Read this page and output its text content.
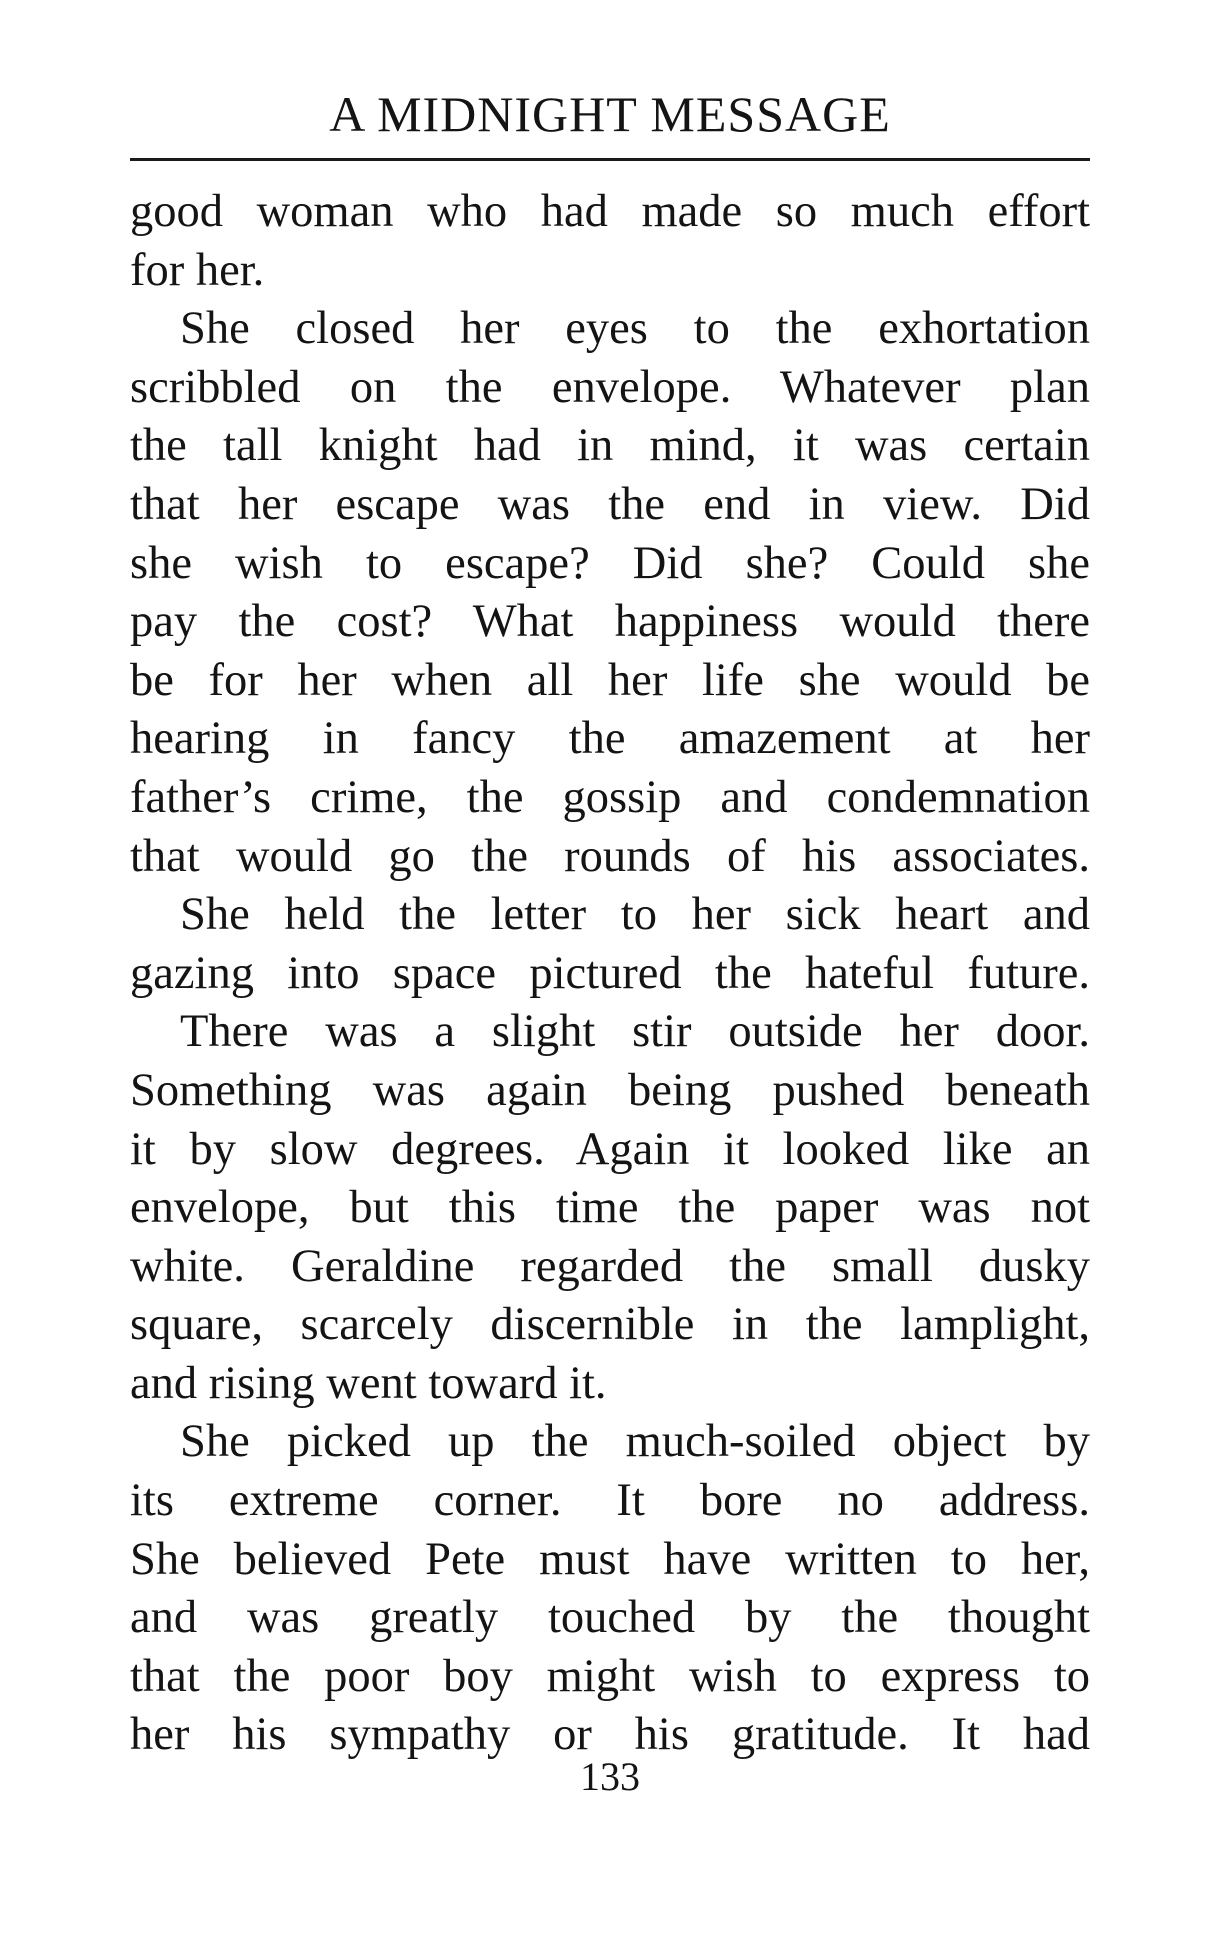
A MIDNIGHT MESSAGE
good woman who had made so much effort
for her.
She closed her eyes to the exhortation
scribbled on the envelope. Whatever plan
the tall knight had in mind, it was certain
that her escape was the end in view. Did
she wish to escape? Did she? Could she
pay the cost? What happiness would there
be for her when all her life she would be
hearing in fancy the amazement at her
father’s crime, the gossip and condemnation
that would go the rounds of his associates.
She held the letter to her sick heart and
gazing into space pictured the hateful future.
There was a slight stir outside her door.
Something was again being pushed beneath
it by slow degrees. Again it looked like an
envelope, but this time the paper was not
white. Geraldine regarded the small dusky
square, scarcely discernible in the lamplight,
and rising went toward it.
She picked up the much-soiled object by
its extreme corner. It bore no address.
She believed Pete must have written to her,
and was greatly touched by the thought
that the poor boy might wish to express to
her his sympathy or his gratitude. It had
133
